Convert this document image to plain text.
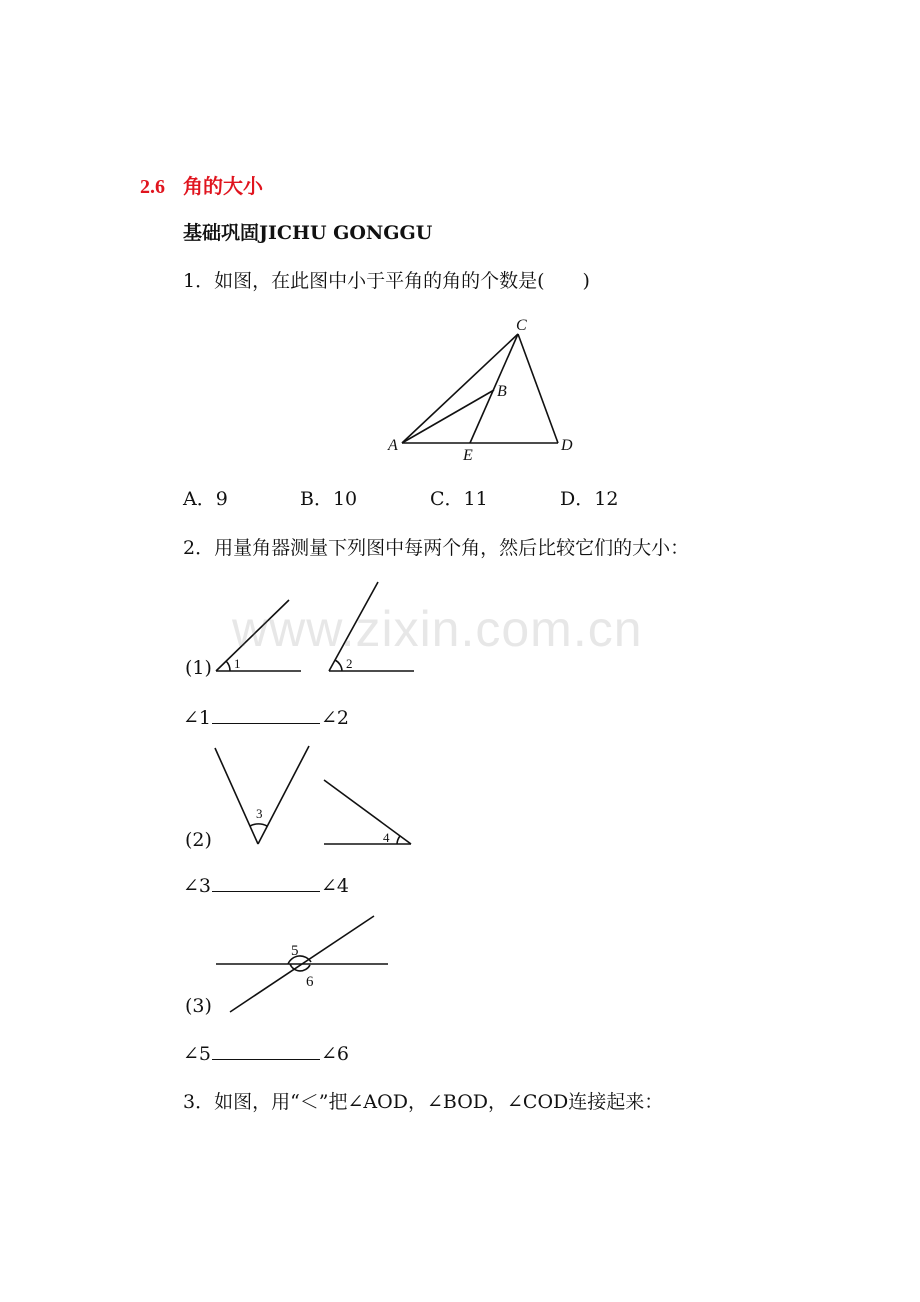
2.6 角的大小
基础巩固JICHU GONGGU
1．如图，在此图中小于平角的角的个数是(　　)
C
B
A	D
E
A．9	B．10	C．11	D．12
2．用量角器测量下列图中每两个角，然后比较它们的大小：
(1) 1	2
∠1	∠2
(2)
3
4
∠3	∠4
(3)
5
6
∠5	∠6
3．如图，用“＜”把∠AOD，∠BOD，∠COD连接起来：
www.zixin.com.cn
